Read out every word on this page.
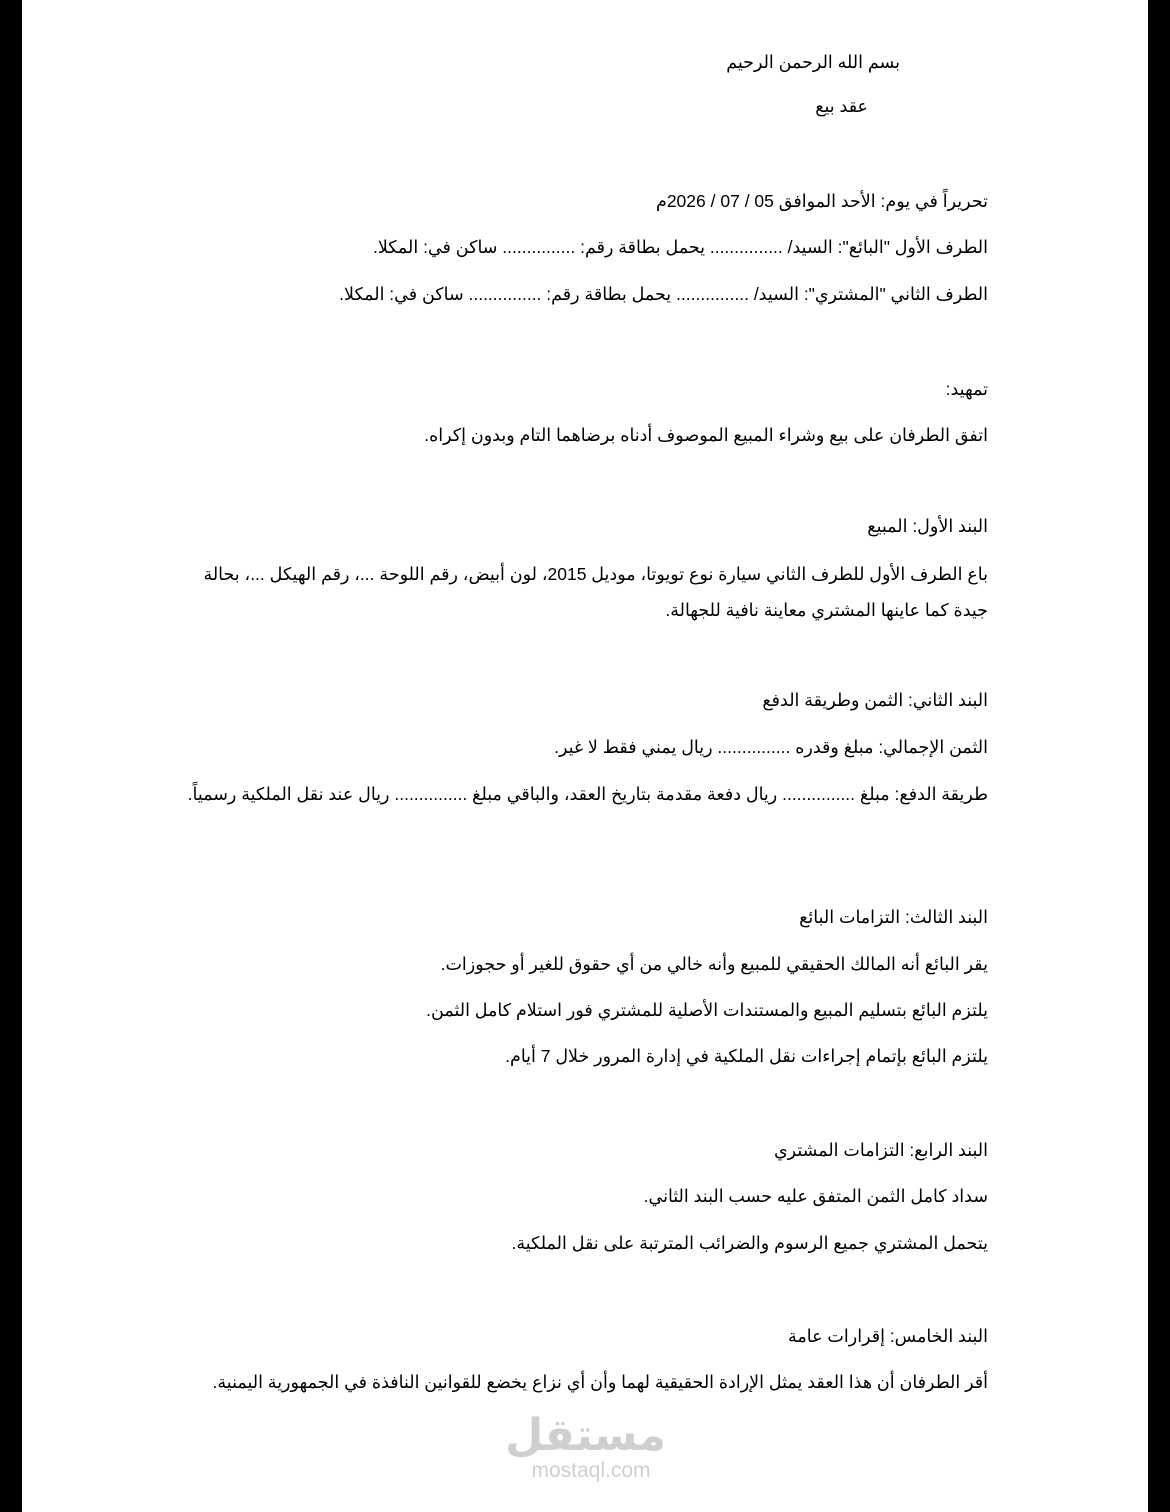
بسم الله الرحمن الرحيم
عقد بيع
تحريراً في يوم: الأحد الموافق 05 / 07 / 2026م
الطرف الأول "البائع": السيد/ ............... يحمل بطاقة رقم: ............... ساكن في: المكلا.
الطرف الثاني "المشتري": السيد/ ............... يحمل بطاقة رقم: ............... ساكن في: المكلا.
تمهيد:
اتفق الطرفان على بيع وشراء المبيع الموصوف أدناه برضاهما التام وبدون إكراه.
البند الأول: المبيع
باع الطرف الأول للطرف الثاني سيارة نوع تويوتا، موديل 2015، لون أبيض، رقم اللوحة ...، رقم الهيكل ...، بحالة جيدة كما عاينها المشتري معاينة نافية للجهالة.
البند الثاني: الثمن وطريقة الدفع
الثمن الإجمالي: مبلغ وقدره ............... ريال يمني فقط لا غير.
طريقة الدفع: مبلغ ............... ريال دفعة مقدمة بتاريخ العقد، والباقي مبلغ ............... ريال عند نقل الملكية رسمياً.
البند الثالث: التزامات البائع
يقر البائع أنه المالك الحقيقي للمبيع وأنه خالي من أي حقوق للغير أو حجوزات.
يلتزم البائع بتسليم المبيع والمستندات الأصلية للمشتري فور استلام كامل الثمن.
يلتزم البائع بإتمام إجراءات نقل الملكية في إدارة المرور خلال 7 أيام.
البند الرابع: التزامات المشتري
سداد كامل الثمن المتفق عليه حسب البند الثاني.
يتحمل المشتري جميع الرسوم والضرائب المترتبة على نقل الملكية.
البند الخامس: إقرارات عامة
أقر الطرفان أن هذا العقد يمثل الإرادة الحقيقية لهما وأن أي نزاع يخضع للقوانين النافذة في الجمهورية اليمنية.
مستقل
mostaql.com
